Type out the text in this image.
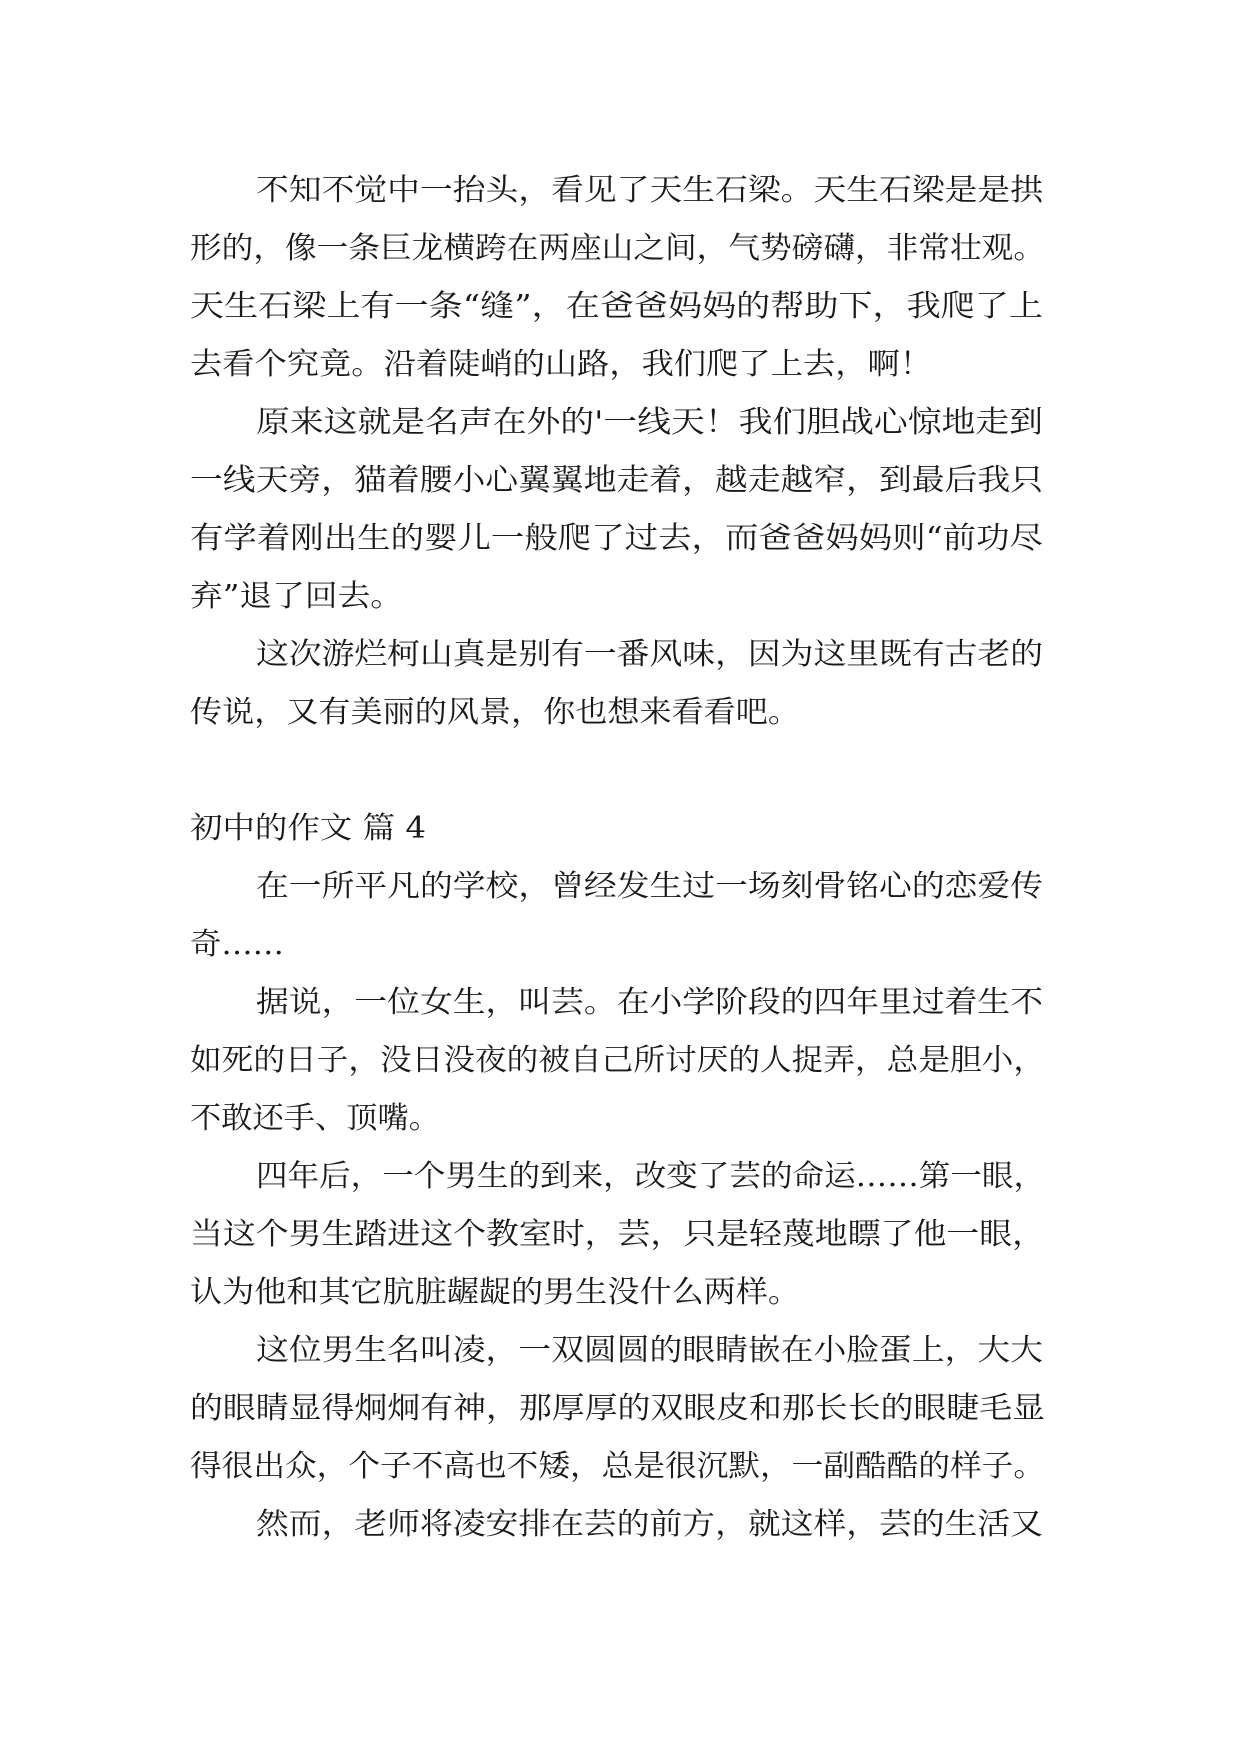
不知不觉中一抬头，看见了天生石梁。天生石梁是是拱
形的，像一条巨龙横跨在两座山之间，气势磅礴，非常壮观。
天生石梁上有一条“缝”，在爸爸妈妈的帮助下，我爬了上
去看个究竟。沿着陡峭的山路，我们爬了上去，啊！
原来这就是名声在外的'一线天！我们胆战心惊地走到
一线天旁，猫着腰小心翼翼地走着，越走越窄，到最后我只
有学着刚出生的婴儿一般爬了过去，而爸爸妈妈则“前功尽
弃”退了回去。
这次游烂柯山真是别有一番风味，因为这里既有古老的
传说，又有美丽的风景，你也想来看看吧。
初中的作文 篇 4
在一所平凡的学校，曾经发生过一场刻骨铭心的恋爱传
奇……
据说，一位女生，叫芸。在小学阶段的四年里过着生不
如死的日子，没日没夜的被自己所讨厌的人捉弄，总是胆小，
不敢还手、顶嘴。
四年后，一个男生的到来，改变了芸的命运……第一眼，
当这个男生踏进这个教室时，芸，只是轻蔑地瞟了他一眼，
认为他和其它肮脏龌龊的男生没什么两样。
这位男生名叫凌，一双圆圆的眼睛嵌在小脸蛋上，大大
的眼睛显得炯炯有神，那厚厚的双眼皮和那长长的眼睫毛显
得很出众，个子不高也不矮，总是很沉默，一副酷酷的样子。
然而，老师将凌安排在芸的前方，就这样，芸的生活又
